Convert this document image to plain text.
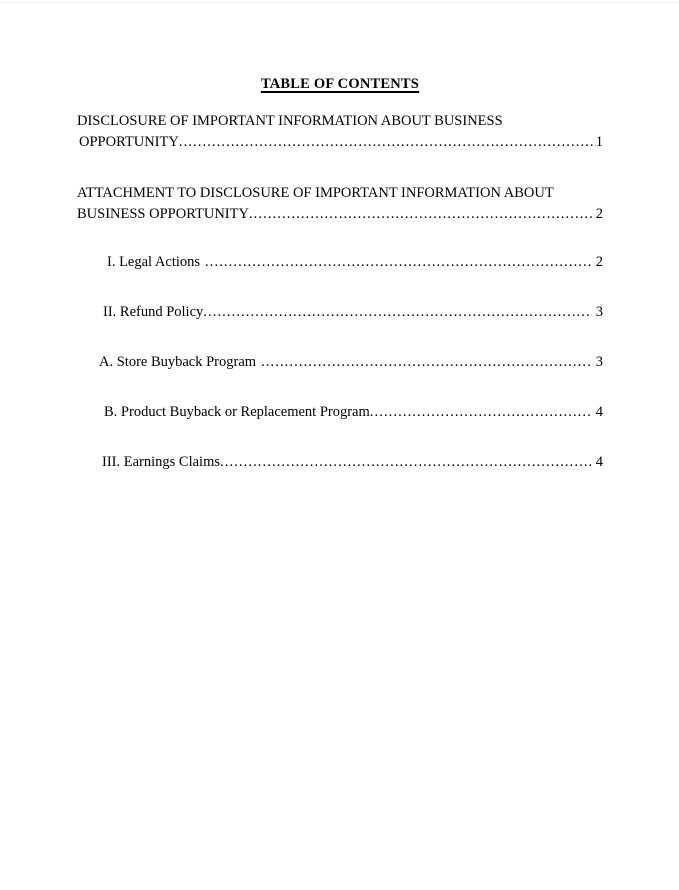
TABLE OF CONTENTS
DISCLOSURE OF IMPORTANT INFORMATION ABOUT BUSINESS
OPPORTUNITY .....	1
ATTACHMENT TO DISCLOSURE OF IMPORTANT INFORMATION ABOUT
BUSINESS OPPORTUNITY .....	2
I. Legal Actions .....	2
II. Refund Policy .....	3
A. Store Buyback Program .....	3
B. Product Buyback or Replacement Program .....	4
III. Earnings Claims .....	4
